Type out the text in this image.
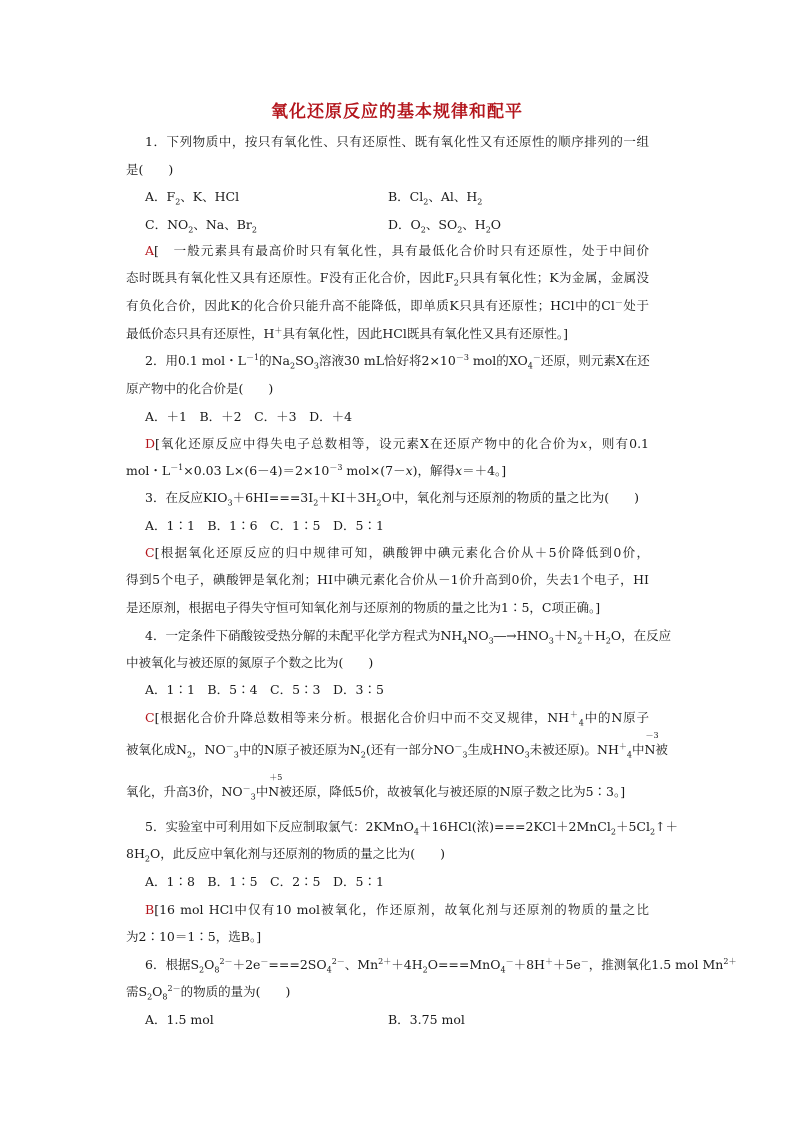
氧化还原反应的基本规律和配平
1．下列物质中，按只有氧化性、只有还原性、既有氧化性又有还原性的顺序排列的一组
是(　　)
A．$F_2$、K、HCl	B．$Cl_2$、Al、$H_2$
C．$NO_2$、Na、$Br_2$	D．$O_2$、$SO_2$、$H_2O$
A[　一般元素具有最高价时只有氧化性，具有最低化合价时只有还原性，处于中间价
态时既具有氧化性又具有还原性。F没有正化合价，因此$F_2$只具有氧化性；K为金属，金属没
有负化合价，因此K的化合价只能升高不能降低，即单质K只具有还原性；HCl中的Cl－处于
最低价态只具有还原性，H＋具有氧化性，因此HCl既具有氧化性又具有还原性。]
2．用0.1 mol・$L^{-1}$的$Na_2SO_3$溶液30 mL恰好将$2\times 10^{-3}$ mol的$XO_4^-$还原，则元素X在还
原产物中的化合价是(　　)
A．＋1　B．＋2　C．＋3　D．＋4
D[氧化还原反应中得失电子总数相等，设元素X在还原产物中的化合价为x，则有0.1
mol・$L^{-1}\times 0.03$ $L\times(6-4)=2\times 10^{-3}$ mol×(7－x)，解得x＝＋4。]
3．在反应$KIO_3+6HI===3I_2+KI+3H_2O$中，氧化剂与还原剂的物质的量之比为(　　)
A．1∶1　B．1∶6　C．1∶5　D．5∶1
C[根据氧化还原反应的归中规律可知，碘酸钾中碘元素化合价从＋5价降低到0价，
得到5个电子，碘酸钾是氧化剂；HI中碘元素化合价从－1价升高到0价，失去1个电子，HI
是还原剂，根据电子得失守恒可知氧化剂与还原剂的物质的量之比为1∶5，C项正确。]
4．一定条件下硝酸铵受热分解的未配平化学方程式为$NH_4NO_3―\to HNO_3+N_2+H_2O$，在反应
中被氧化与被还原的氮原子个数之比为(　　)
A．1∶1　B．5∶4　C．5∶3　D．3∶5
C[根据化合价升降总数相等来分析。根据化合价归中而不交叉规律，$NH^+_4$中的N原子
被氧化成$N_2$，$NO^-_3$中的N原子被还原为$N_2$(还有一部分$NO^-_3$生成$HNO_3$未被还原)。$NH^+_4$中
－3
N被
氧化，升高3价，$NO^-_3$中
＋5
N被还原，降低5价，故被氧化与被还原的N原子数之比为5∶3。]
5．实验室中可利用如下反应制取氯气：2KMnO$_4$＋16HCl(浓)$===2KCl+2MnCl_2+5Cl_2↑+$
$8H_2O$，此反应中氧化剂与还原剂的物质的量之比为(　　)
A．1∶8　B．1∶5　C．2∶5　D．5∶1
B[16 mol HCl中仅有10 mol被氧化，作还原剂，故氧化剂与还原剂的物质的量之比
为2∶10＝1∶5，选B。]
6．根据$S_2O_8^{2-}+2e^-===2SO_4^{2-}$、$Mn^{2+}+4H_2O===MnO_4^-+8H^++5e^-$，推测氧化1.5 mol $Mn^{2+}$
需$S_2O_8^{2-}$的物质的量为(　　)
A．1.5 mol	B．3.75 mol
